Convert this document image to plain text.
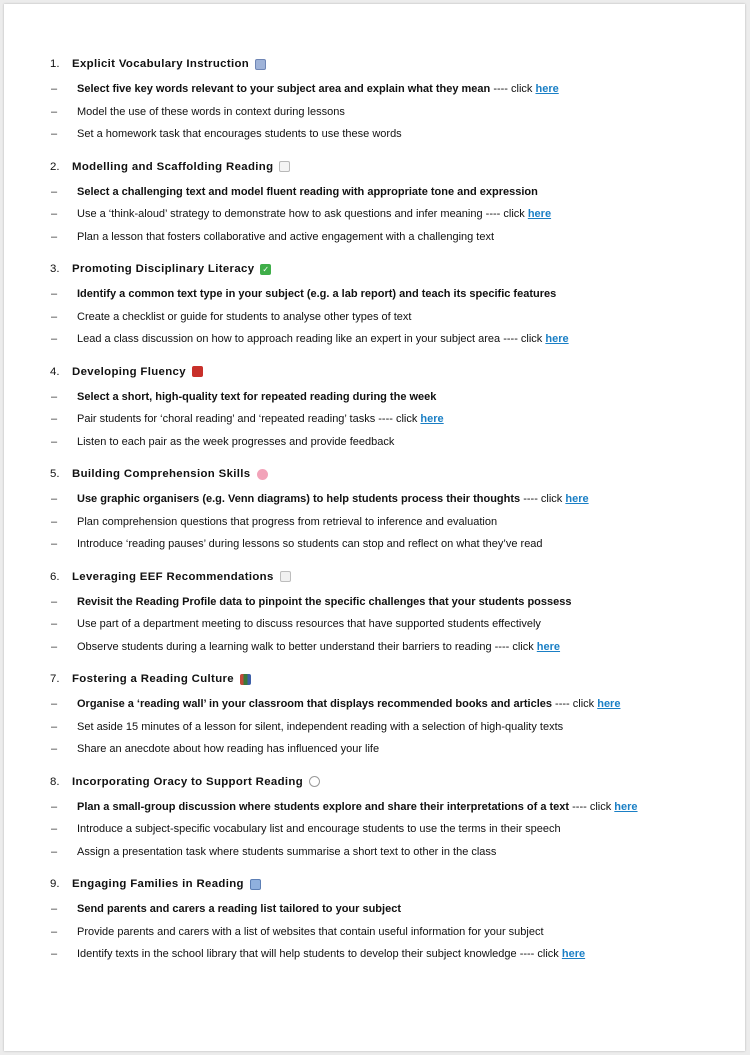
1.	Explicit Vocabulary Instruction
–	Select five key words relevant to your subject area and explain what they mean ---- click here
–	Model the use of these words in context during lessons
–	Set a homework task that encourages students to use these words
2.	Modelling and Scaffolding Reading
–	Select a challenging text and model fluent reading with appropriate tone and expression
–	Use a ‘think-aloud’ strategy to demonstrate how to ask questions and infer meaning ---- click here
–	Plan a lesson that fosters collaborative and active engagement with a challenging text
3.	Promoting Disciplinary Literacy ✓
–	Identify a common text type in your subject (e.g. a lab report) and teach its specific features
–	Create a checklist or guide for students to analyse other types of text
–	Lead a class discussion on how to approach reading like an expert in your subject area ---- click here
4.	Developing Fluency
–	Select a short, high-quality text for repeated reading during the week
–	Pair students for ‘choral reading’ and ‘repeated reading’ tasks ---- click here
–	Listen to each pair as the week progresses and provide feedback
5.	Building Comprehension Skills
–	Use graphic organisers (e.g. Venn diagrams) to help students process their thoughts ---- click here
–	Plan comprehension questions that progress from retrieval to inference and evaluation
–	Introduce ‘reading pauses’ during lessons so students can stop and reflect on what they’ve read
6.	Leveraging EEF Recommendations
–	Revisit the Reading Profile data to pinpoint the specific challenges that your students possess
–	Use part of a department meeting to discuss resources that have supported students effectively
–	Observe students during a learning walk to better understand their barriers to reading ---- click here
7.	Fostering a Reading Culture
–	Organise a ‘reading wall’ in your classroom that displays recommended books and articles ---- click here
–	Set aside 15 minutes of a lesson for silent, independent reading with a selection of high-quality texts
–	Share an anecdote about how reading has influenced your life
8.	Incorporating Oracy to Support Reading
–	Plan a small-group discussion where students explore and share their interpretations of a text ---- click here
–	Introduce a subject-specific vocabulary list and encourage students to use the terms in their speech
–	Assign a presentation task where students summarise a short text to other in the class
9.	Engaging Families in Reading
–	Send parents and carers a reading list tailored to your subject
–	Provide parents and carers with a list of websites that contain useful information for your subject
–	Identify texts in the school library that will help students to develop their subject knowledge ---- click here
